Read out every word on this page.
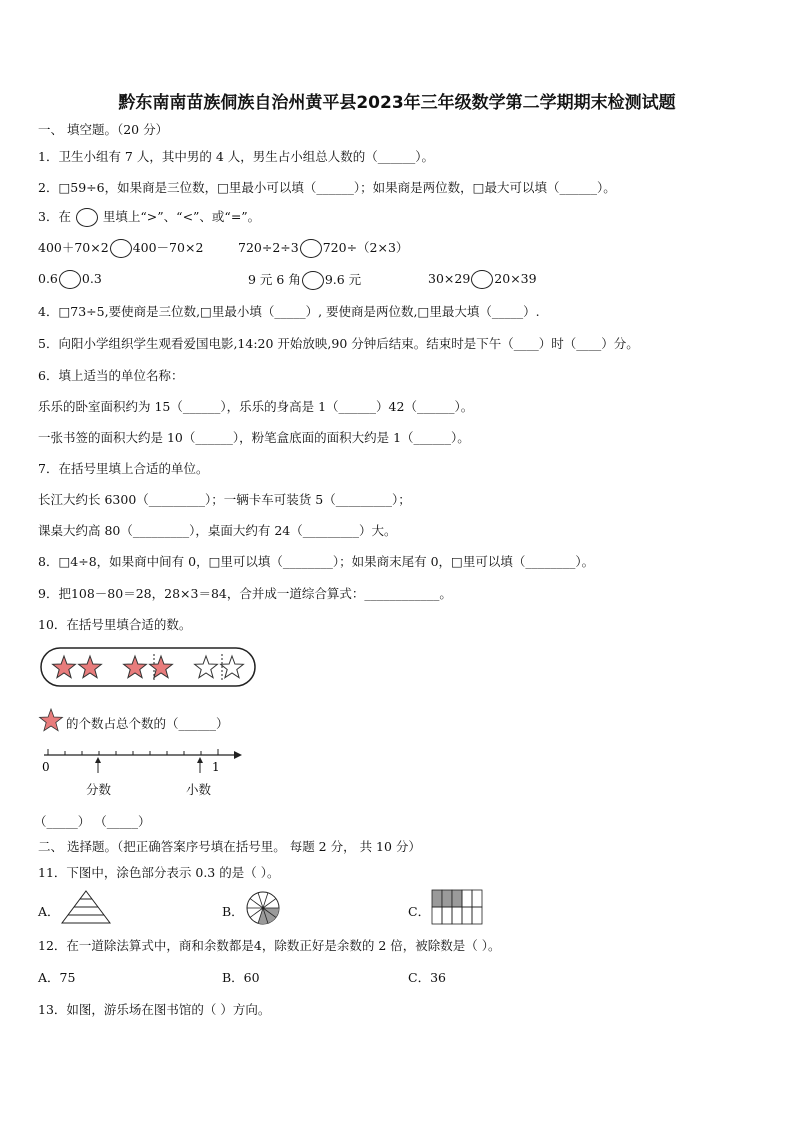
黔东南南苗族侗族自治州黄平县2023年三年级数学第二学期期末检测试题
一、 填空题。（20 分）
1．卫生小组有 7 人，其中男的 4 人，男生占小组总人数的（______）。
2．□59÷6，如果商是三位数，□里最小可以填（______）；如果商是两位数，□最大可以填（______）。
3．在	里填上“>”、“<”、或“=”。
400＋70×2 400－70×2	720÷2÷3 720÷（2×3）
0.6 0.3	9 元 6 角 9.6 元	30×29 20×39
4．□73÷5,要使商是三位数,□里最小填（_____）, 要使商是两位数,□里最大填（_____）.
5．向阳小学组织学生观看爱国电影,14:20 开始放映,90 分钟后结束。结束时是下午（____）时（____）分。
6．填上适当的单位名称：
乐乐的卧室面积约为 15（______），乐乐的身高是 1（______）42（______）。
一张书签的面积大约是 10（______），粉笔盒底面的面积大约是 1（______）。
7．在括号里填上合适的单位。
长江大约长 6300（_________）；一辆卡车可装货 5（_________）；
课桌大约高 80（_________），桌面大约有 24（_________）大。
8．□4÷8，如果商中间有 0，□里可以填（________）；如果商末尾有 0，□里可以填（________）。
9．把108－80＝28，28×3＝84，合并成一道综合算式：____________。
10．在括号里填合适的数。
的个数占总个数的（______）
0	1
分数	小数
（_____） （_____）
二、 选择题。（把正确答案序号填在括号里。 每题 2 分， 共 10 分）
11．下图中，涂色部分表示 0.3 的是（ ）。
A．	B．	C．
12．在一道除法算式中，商和余数都是4，除数正好是余数的 2 倍，被除数是（ ）。
A．75	B．60	C．36
13．如图，游乐场在图书馆的（ ）方向。
